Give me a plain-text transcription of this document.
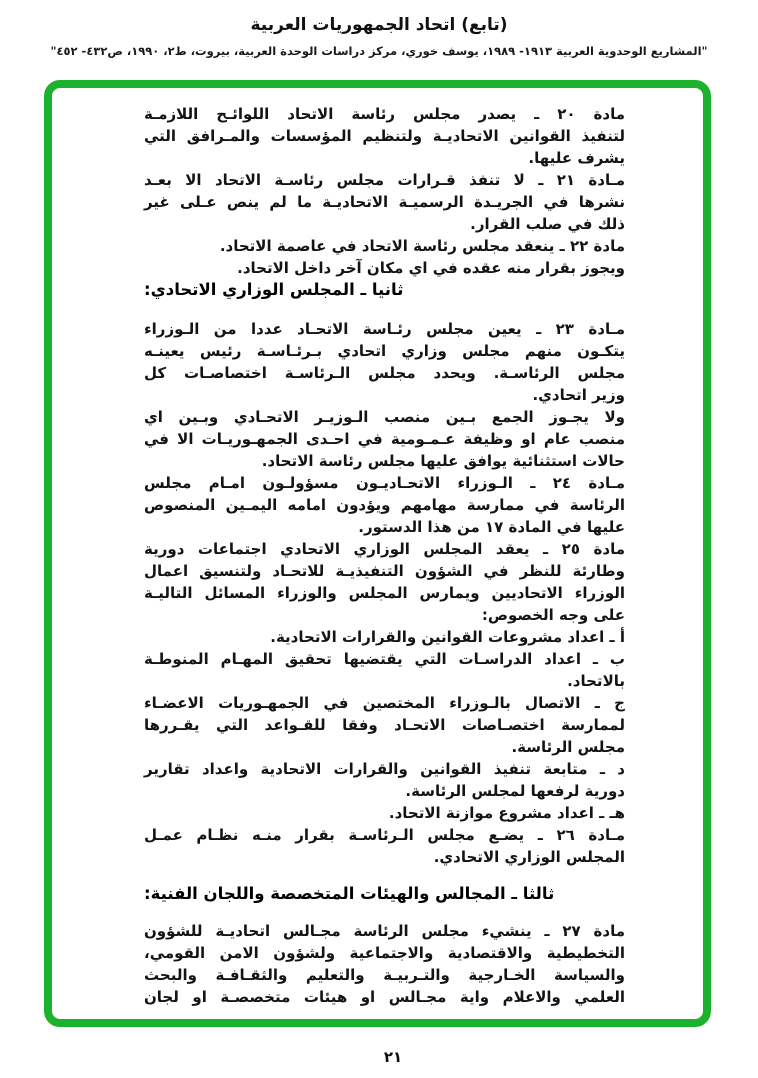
(تابع) اتحاد الجمهوريات العربية
"المشاريع الوحدوية العربية ١٩١٣- ١٩٨٩، يوسف خوري، مركز دراسات الوحدة العربية، بيروت، ط٢، ١٩٩٠، ص٤٣٢- ٤٥٢"
مادة ٢٠ ـ يصدر مجلس رئاسة الاتحاد اللوائـح اللازمـة
لتنفيذ القوانين الاتحاديـة ولتنظيم المؤسسات والمـرافق التي
يشرف عليها.
مـادة ٢١ ـ لا تنفذ قـرارات مجلس رئاسـة الاتحاد الا بعـد
نشرها في الجريـدة الرسميـة الاتحاديـة ما لم ينص عـلى غير
ذلك في صلب القرار.
مادة ٢٢ ـ ينعقد مجلس رئاسة الاتحاد في عاصمة الاتحاد.
ويجوز بقرار منه عقده في اي مكان آخر داخل الاتحاد.
ثانيا ـ المجلس الوزاري الاتحادي:
مـادة ٢٣ ـ يعين مجلس رئـاسة الاتحـاد عددا من الـوزراء
يتكـون منهم مجلس وزاري اتحادي بـرئـاسـة رئيس يعينـه
مجلس الرئاسـة. ويحدد مجلس الـرئاسـة اختصاصـات كل
وزير اتحادي.
ولا يجـوز الجمع بـين منصب الـوزيـر الاتحـادي وبـين اي
منصب عام او وظيفة عـمـومية في احـدى الجمهـوريـات الا في
حالات استثنائية يوافق عليها مجلس رئاسة الاتحاد.
مـادة ٢٤ ـ الـوزراء الاتحـاديـون مسؤولـون امـام مجلس
الرئاسة في ممارسة مهامهم ويؤدون امامه اليمـين المنصوص
عليها في المادة ١٧ من هذا الدستور.
مادة ٢٥ ـ يعقد المجلس الوزاري الاتحادي اجتماعات دورية
وطارئة للنظر في الشؤون التنفيذيـة للاتحـاد ولتنسيق اعمال
الوزراء الاتحاديين ويمارس المجلس والوزراء المسائل التاليـة
على وجه الخصوص:
أ ـ اعداد مشروعات القوانين والقرارات الاتحادية.
ب ـ اعداد الدراسـات التي يقتضيها تحقيق المهـام المنوطـة
بالاتحاد.
ج ـ الاتصال بالـوزراء المختصين في الجمهـوريات الاعضـاء
لممارسة اختصـاصات الاتحـاد وفقا للقـواعد التي يقـررها
مجلس الرئاسة.
د ـ متابعة تنفيذ القوانين والقرارات الاتحادية واعداد تقارير
دورية لرفعها لمجلس الرئاسة.
هـ ـ اعداد مشروع موازنة الاتحاد.
مـادة ٢٦ ـ يضـع مجلس الـرئاسـة بقرار منـه نظـام عمـل
المجلس الوزاري الاتحادي.
ثالثا ـ المجالس والهيئات المتخصصة واللجان الفنية:
مادة ٢٧ ـ ينشيء مجلس الرئاسة مجـالس اتحاديـة للشؤون
التخطيطية والاقتصادية والاجتماعية ولشؤون الامن القومي،
والسياسة الخـارجية والتـربيـة والتعليم والثقـافـة والبحث
العلمي والاعلام واية مجـالس او هيئات متخصصـة او لجان
٢١
